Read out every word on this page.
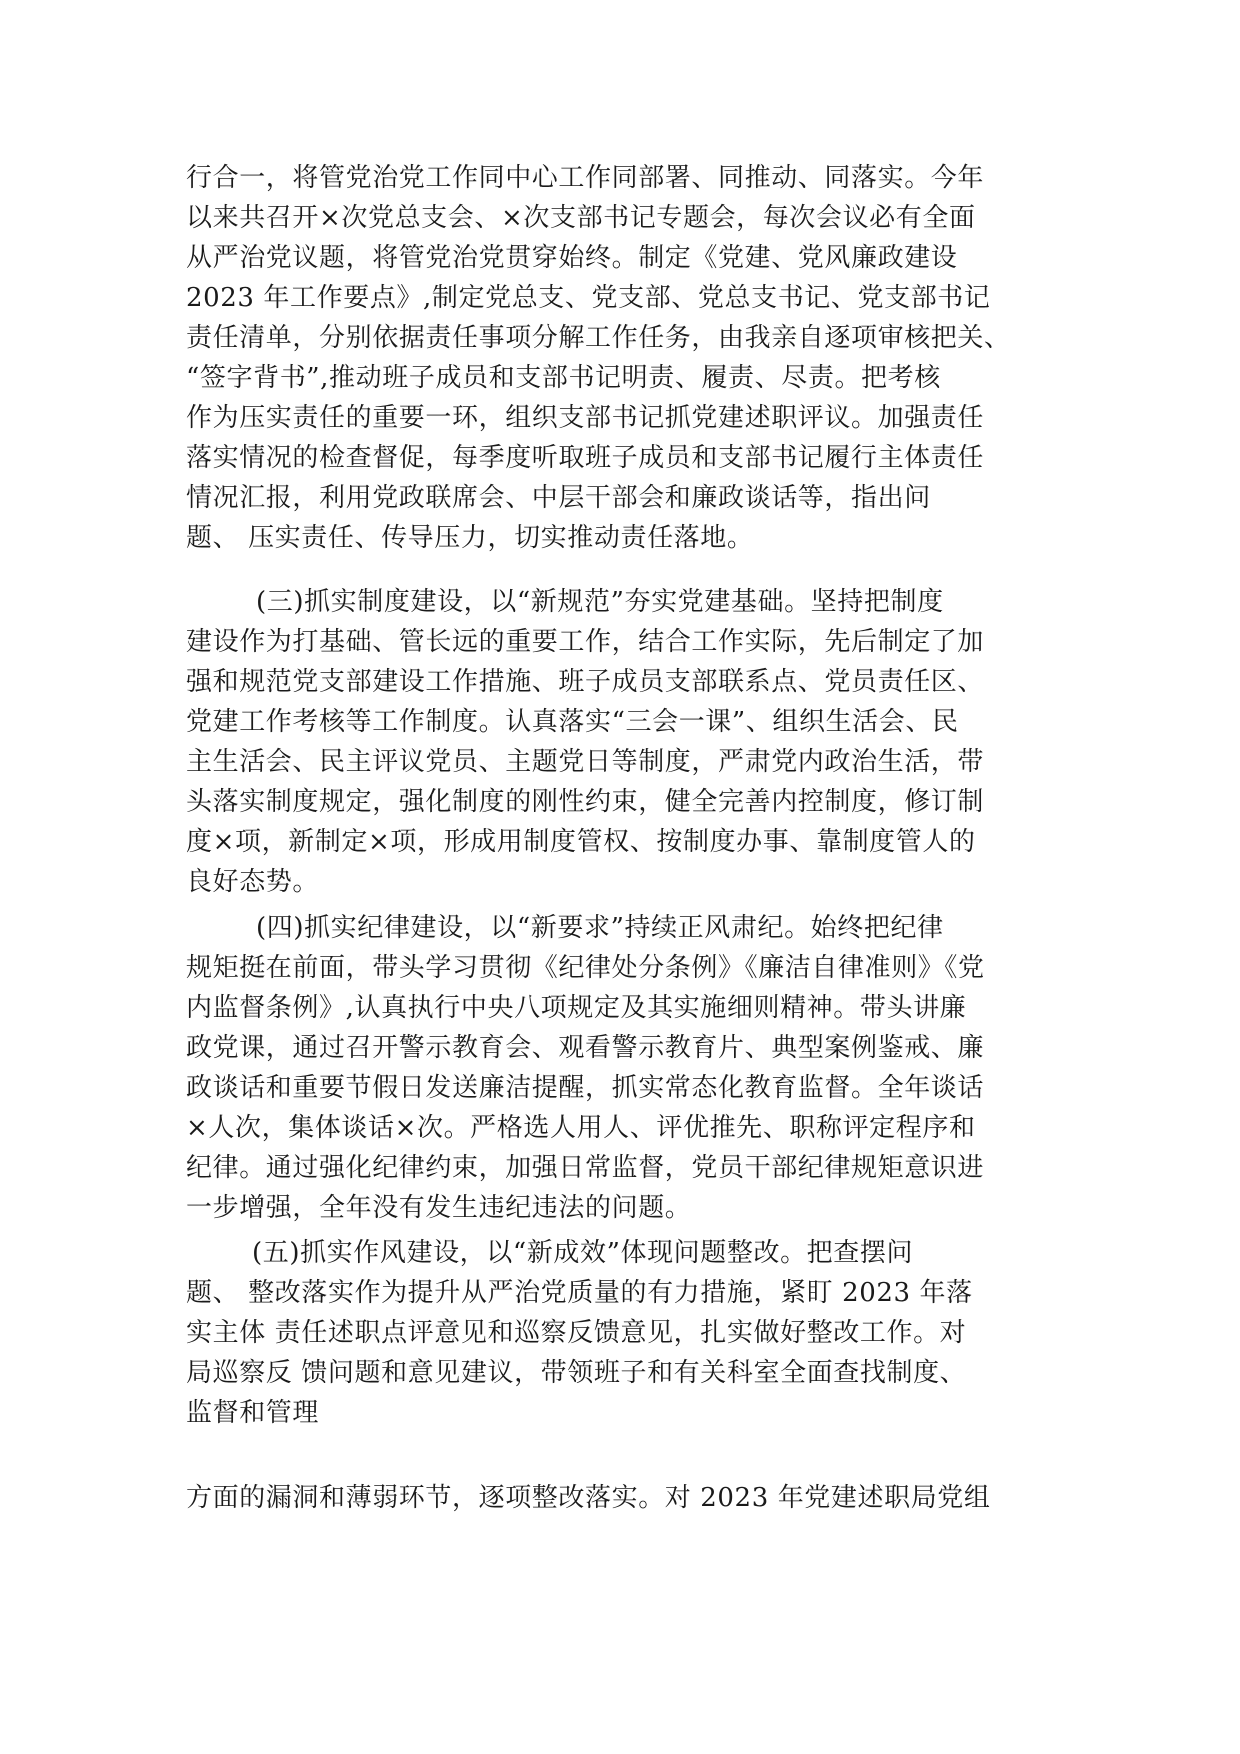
行合一，将管党治党工作同中心工作同部署、同推动、同落实。今年
以来共召开×次党总支会、×次支部书记专题会，每次会议必有全面
从严治党议题，将管党治党贯穿始终。制定《党建、党风廉政建设
2023 年工作要点》,制定党总支、党支部、党总支书记、党支部书记
责任清单，分别依据责任事项分解工作任务，由我亲自逐项审核把关、
“签字背书”,推动班子成员和支部书记明责、履责、尽责。把考核
作为压实责任的重要一环，组织支部书记抓党建述职评议。加强责任
落实情况的检查督促，每季度听取班子成员和支部书记履行主体责任
情况汇报，利用党政联席会、中层干部会和廉政谈话等，指出问
题、 压实责任、传导压力，切实推动责任落地。
(三)抓实制度建设，以“新规范”夯实党建基础。坚持把制度
建设作为打基础、管长远的重要工作，结合工作实际，先后制定了加
强和规范党支部建设工作措施、班子成员支部联系点、党员责任区、
党建工作考核等工作制度。认真落实“三会一课”、组织生活会、民
主生活会、民主评议党员、主题党日等制度，严肃党内政治生活，带
头落实制度规定，强化制度的刚性约束，健全完善内控制度，修订制
度×项，新制定×项，形成用制度管权、按制度办事、靠制度管人的
良好态势。
(四)抓实纪律建设，以“新要求”持续正风肃纪。始终把纪律
规矩挺在前面，带头学习贯彻《纪律处分条例》《廉洁自律准则》《党
内监督条例》,认真执行中央八项规定及其实施细则精神。带头讲廉
政党课，通过召开警示教育会、观看警示教育片、典型案例鉴戒、廉
政谈话和重要节假日发送廉洁提醒，抓实常态化教育监督。全年谈话
×人次，集体谈话×次。严格选人用人、评优推先、职称评定程序和
纪律。通过强化纪律约束，加强日常监督，党员干部纪律规矩意识进
一步增强，全年没有发生违纪违法的问题。
(五)抓实作风建设，以“新成效”体现问题整改。把查摆问
题、 整改落实作为提升从严治党质量的有力措施，紧盯 2023 年落
实主体 责任述职点评意见和巡察反馈意见，扎实做好整改工作。对
局巡察反 馈问题和意见建议，带领班子和有关科室全面查找制度、
监督和管理
方面的漏洞和薄弱环节，逐项整改落实。对 2023 年党建述职局党组
